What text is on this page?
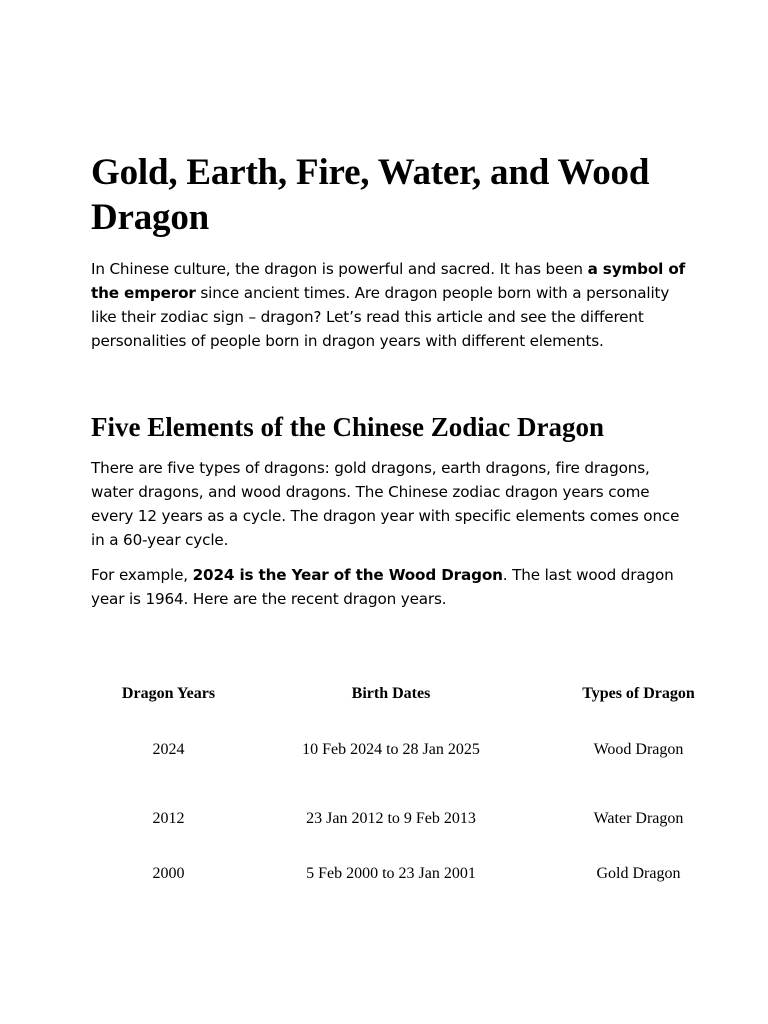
Gold, Earth, Fire, Water, and Wood Dragon

In Chinese culture, the dragon is powerful and sacred. It has been a symbol of the emperor since ancient times. Are dragon people born with a personality like their zodiac sign – dragon? Let’s read this article and see the different personalities of people born in dragon years with different elements.

Five Elements of the Chinese Zodiac Dragon

There are five types of dragons: gold dragons, earth dragons, fire dragons, water dragons, and wood dragons. The Chinese zodiac dragon years come every 12 years as a cycle. The dragon year with specific elements comes once in a 60-year cycle.

For example, 2024 is the Year of the Wood Dragon. The last wood dragon year is 1964. Here are the recent dragon years.

Dragon Years	Birth Dates	Types of Dragon
2024	10 Feb 2024 to 28 Jan 2025	Wood Dragon
2012	23 Jan 2012 to 9 Feb 2013	Water Dragon
2000	5 Feb 2000 to 23 Jan 2001	Gold Dragon
